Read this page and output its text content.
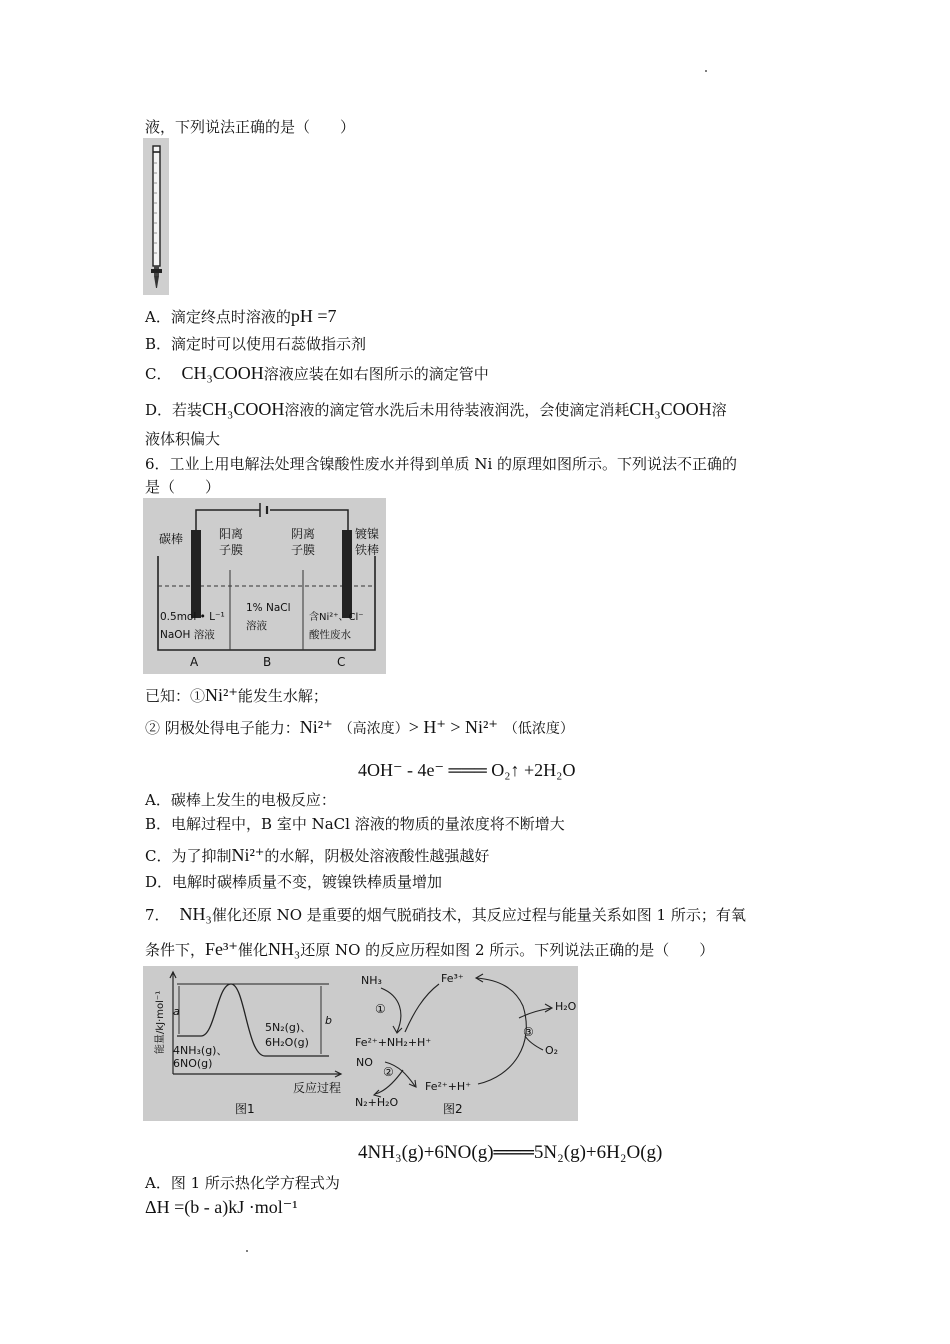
液，下列说法正确的是（　　）
A．滴定终点时溶液的pH =7
B．滴定时可以使用石蕊做指示剂
C． CH₃COOH溶液应装在如右图所示的滴定管中
D．若装CH₃COOH溶液的滴定管水洗后未用待装液润洗，会使滴定消耗CH₃COOH溶
液体积偏大
6．工业上用电解法处理含镍酸性废水并得到单质 Ni 的原理如图所示。下列说法不正确的
是（　　）
碳棒	阳离
子膜
阴离
子膜
镀镍
铁棒
0.5mol • L⁻¹
NaOH 溶液
1% NaCl
溶液
含Ni²⁺、Cl⁻
酸性废水
A	B	C
已知：①Ni²⁺能发生水解；
② 阴极处得电子能力：Ni²⁺ （高浓度）> H⁺ > Ni²⁺ （低浓度）
4OH⁻ - 4e⁻ ═══ O₂↑ +2H₂O
A．碳棒上发生的电极反应：
B．电解过程中，B 室中 NaCl 溶液的物质的量浓度将不断增大
C．为了抑制Ni²⁺的水解，阴极处溶液酸性越强越好
D．电解时碳棒质量不变，镀镍铁棒质量增加
7． NH₃催化还原 NO 是重要的烟气脱硝技术，其反应过程与能量关系如图 1 所示；有氧
条件下，Fe³⁺催化NH₃还原 NO 的反应历程如图 2 所示。下列说法正确的是（　　）
a
b
4NH₃(g)、
6NO(g)
5N₂(g)、
6H₂O(g)
能量/kJ·mol⁻¹
反应过程
图1
NH₃	Fe³⁺
H₂O
O₂
Fe²⁺+NH₂+H⁺
NO
Fe²⁺+H⁺
N₂+H₂O
①
②
③
图2
4NH₃(g)+6NO(g)═══5N₂(g)+6H₂O(g)
A．图 1 所示热化学方程式为
ΔH =(b - a)kJ ·mol⁻¹
